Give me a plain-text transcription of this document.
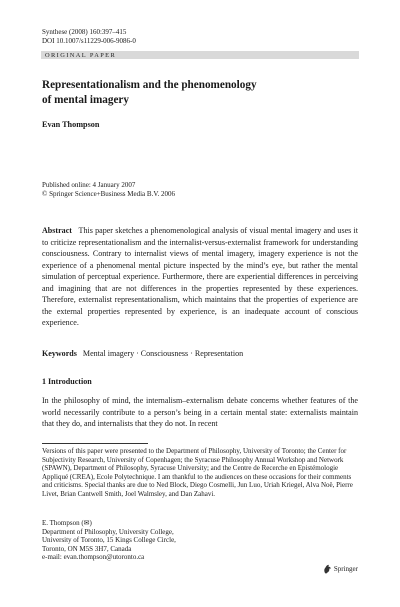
Synthese (2008) 160:397–415
DOI 10.1007/s11229-006-9086-0
ORIGINAL PAPER
Representationalism and the phenomenology
of mental imagery
Evan Thompson
Published online: 4 January 2007
© Springer Science+Business Media B.V. 2006
Abstract This paper sketches a phenomenological analysis of visual mental imagery and uses it to criticize representationalism and the internalist-versus-externalist framework for understanding consciousness. Contrary to internalist views of mental imagery, imagery experience is not the experience of a phenomenal mental picture inspected by the mind’s eye, but rather the mental simulation of perceptual experience. Furthermore, there are experiential differences in perceiving and imagining that are not differences in the properties represented by these experiences. Therefore, externalist representationalism, which maintains that the properties of experience are the external properties represented by experience, is an inadequate account of conscious experience.
Keywords Mental imagery · Consciousness · Representation
1 Introduction
In the philosophy of mind, the internalism–externalism debate concerns whether features of the world necessarily contribute to a person’s being in a certain mental state: externalists maintain that they do, and internalists that they do not. In recent
Versions of this paper were presented to the Department of Philosophy, University of Toronto; the Center for Subjectivity Research, University of Copenhagen; the Syracuse Philosophy Annual Workshop and Network (SPAWN), Department of Philosophy, Syracuse University; and the Centre de Recerche en Epistémologie Appliqué (CREA), Ecole Polytechnique. I am thankful to the audiences on these occasions for their comments and criticisms. Special thanks are due to Ned Block, Diego Cosmelli, Jun Luo, Uriah Kriegel, Alva Noë, Pierre Livet, Brian Cantwell Smith, Joel Walmsley, and Dan Zahavi.
E. Thompson (✉)
Department of Philosophy, University College,
University of Toronto, 15 Kings College Circle,
Toronto, ON M5S 3H7, Canada
e-mail: evan.thompson@utoronto.ca
Springer
